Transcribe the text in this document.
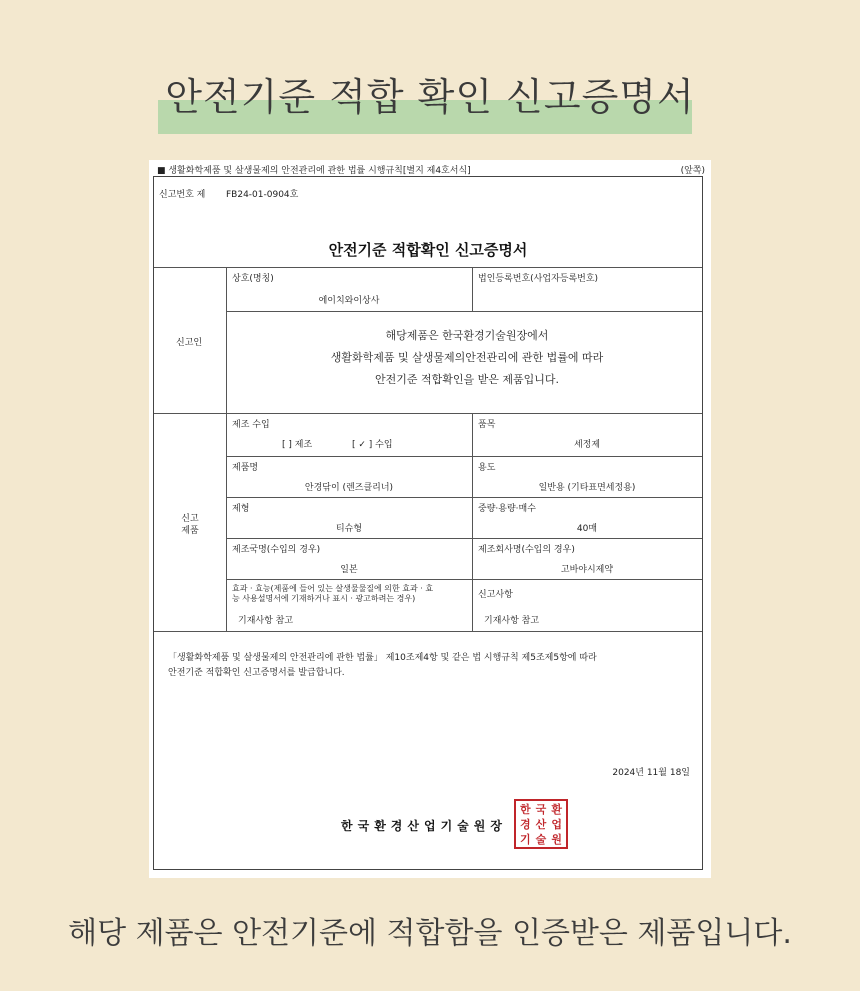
안전기준 적합 확인 신고증명서
■ 생활화학제품 및 살생물제의 안전관리에 관한 법률 시행규칙[별지 제4호서식]	(앞쪽)
신고번호 제 FB24-01-0904호
안전기준 적합확인 신고증명서
신고인
상호(명칭)
에이치와이상사
법인등록번호(사업자등록번호)
해당제품은 한국환경기술원장에서
생활화학제품 및 살생물제의안전관리에 관한 법률에 따라
안전기준 적합확인을 받은 제품입니다.
신고
제품
제조 수입
[ ] 제조	[ ✓ ] 수입
품목
세정제
제품명
안경닦이 (렌즈클리너)
용도
일반용 (기타표면세정용)
제형
티슈형
중량·용량·매수
40매
제조국명(수입의 경우)
일본
제조회사명(수입의 경우)
고바야시제약
효과 · 효능(제품에 들어 있는 살생물물질에 의한 효과 · 효
능 사용설명서에 기재하거나 표시 · 광고하려는 경우)
기재사항 참고
신고사항
기재사항 참고
「생활화학제품 및 살생물제의 안전관리에 관한 법률」 제10조제4항 및 같은 법 시행규칙 제5조제5항에 따라
안전기준 적합확인 신고증명서를 발급합니다.
2024년 11월 18일
한국환경산업기술원장
한 국 환
경 산 업
기 술 원
해당 제품은 안전기준에 적합함을 인증받은 제품입니다.
